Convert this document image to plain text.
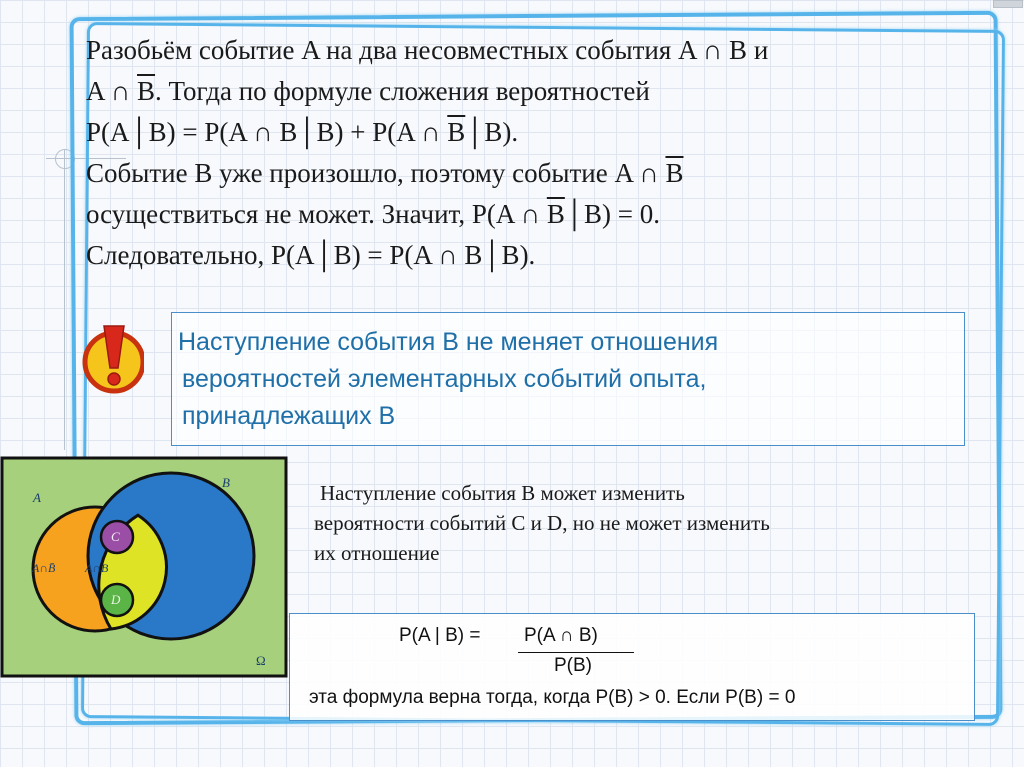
Разобьём событие A на два несовместных события A ∩ B и
A ∩ $\overline{B}$. Тогда по формуле сложения вероятностей
P(A│B) = P(A ∩ B│B) + P(A ∩ $\overline{B}│B$).
Событие B уже произошло, поэтому событие A ∩ $\overline{B}$
осуществиться не может. Значит, P(A ∩ $\overline{B}│B) = 0$.
Следовательно, P(A│B) = P(A ∩ B│B).
Наступление события B не меняет отношения
вероятностей элементарных событий опыта,
принадлежащих B
A
B
C
D
A∩B̄ A∩B
Ω
Наступление события B может изменить
вероятности событий C и D, но не может изменить
их отношение
P(A | B) = P(A ∩ B)
P(B)
эта формула верна тогда, когда P(B) > 0. Если P(B) = 0
